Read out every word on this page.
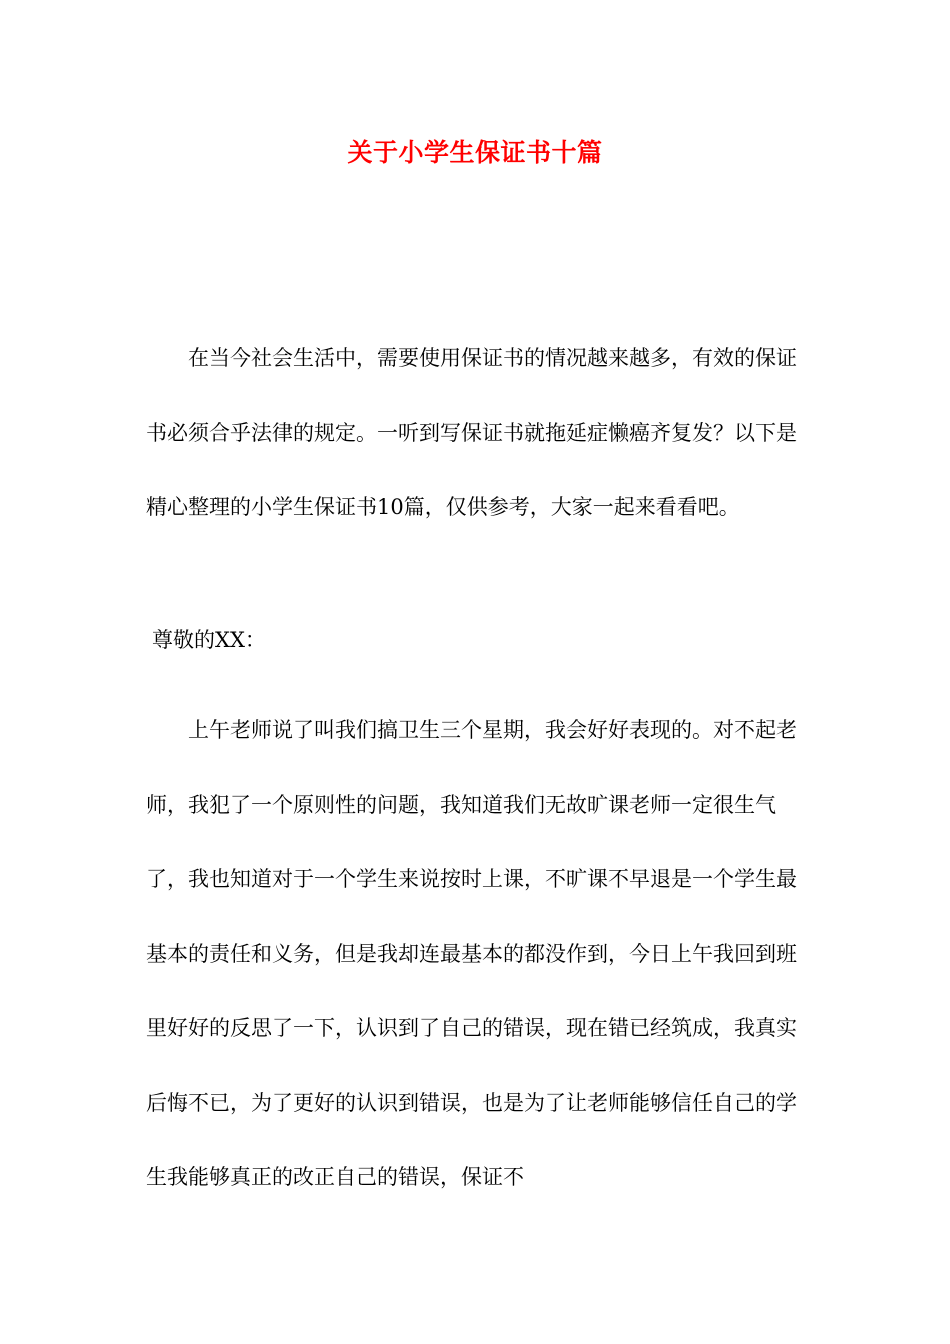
关于小学生保证书十篇
在当今社会生活中，需要使用保证书的情况越来越多，有效的保证书必须合乎法律的规定。一听到写保证书就拖延症懒癌齐复发？以下是精心整理的小学生保证书10篇，仅供参考，大家一起来看看吧。
尊敬的XX：
上午老师说了叫我们搞卫生三个星期，我会好好表现的。对不起老师，我犯了一个原则性的问题，我知道我们无故旷课老师一定很生气了，我也知道对于一个学生来说按时上课，不旷课不早退是一个学生最基本的责任和义务，但是我却连最基本的都没作到，今日上午我回到班里好好的反思了一下，认识到了自己的错误，现在错已经筑成，我真实后悔不已，为了更好的认识到错误，也是为了让老师能够信任自己的学生我能够真正的改正自己的错误，保证不
